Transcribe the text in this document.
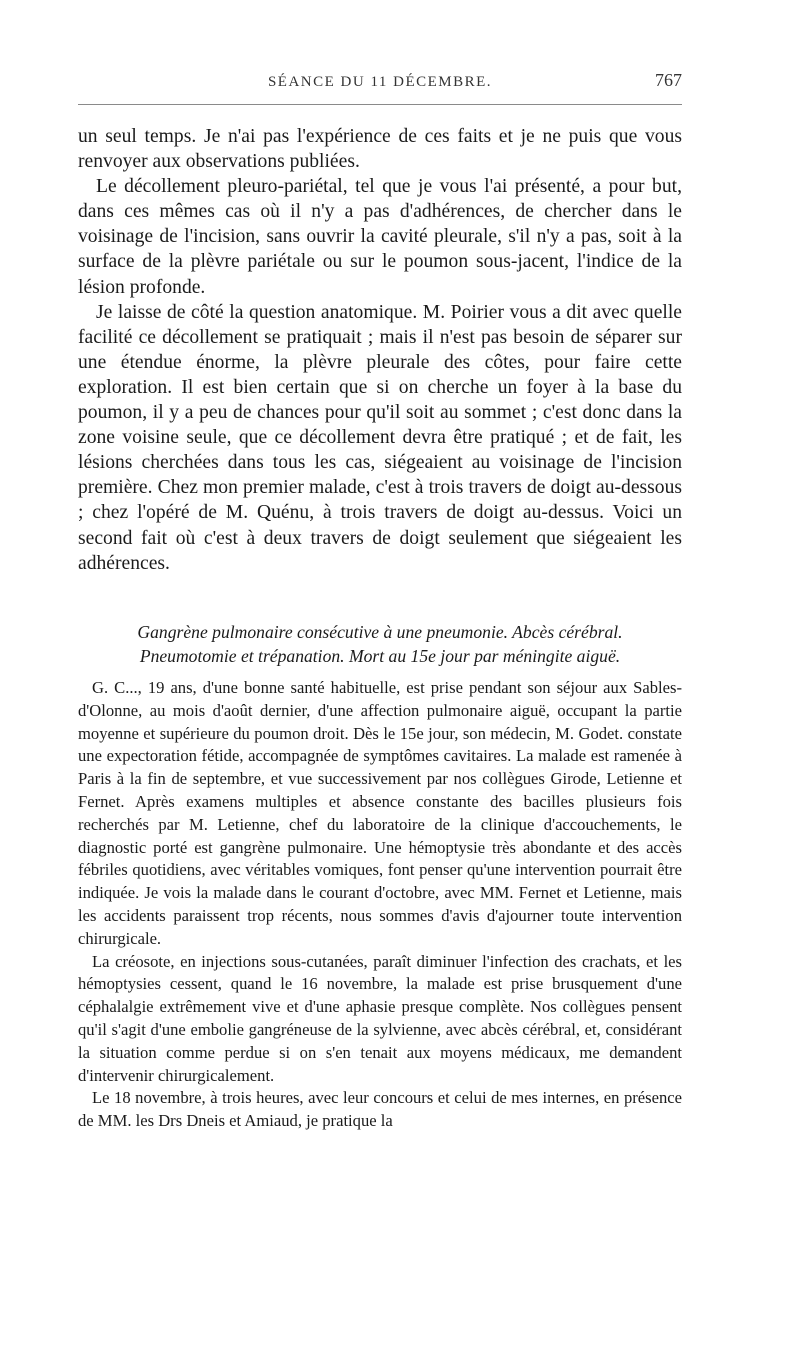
SÉANCE DU 11 DÉCEMBRE.	767

un seul temps. Je n'ai pas l'expérience de ces faits et je ne puis que vous renvoyer aux observations publiées.

Le décollement pleuro-pariétal, tel que je vous l'ai présenté, a pour but, dans ces mêmes cas où il n'y a pas d'adhérences, de chercher dans le voisinage de l'incision, sans ouvrir la cavité pleurale, s'il n'y a pas, soit à la surface de la plèvre pariétale ou sur le poumon sous-jacent, l'indice de la lésion profonde.

Je laisse de côté la question anatomique. M. Poirier vous a dit avec quelle facilité ce décollement se pratiquait ; mais il n'est pas besoin de séparer sur une étendue énorme, la plèvre pleurale des côtes, pour faire cette exploration. Il est bien certain que si on cherche un foyer à la base du poumon, il y a peu de chances pour qu'il soit au sommet ; c'est donc dans la zone voisine seule, que ce décollement devra être pratiqué ; et de fait, les lésions cherchées dans tous les cas, siégeaient au voisinage de l'incision première. Chez mon premier malade, c'est à trois travers de doigt au-dessous ; chez l'opéré de M. Quénu, à trois travers de doigt au-dessus. Voici un second fait où c'est à deux travers de doigt seulement que siégeaient les adhérences.

Gangrène pulmonaire consécutive à une pneumonie. Abcès cérébral.
Pneumotomie et trépanation. Mort au 15e jour par méningite aiguë.

G. C..., 19 ans, d'une bonne santé habituelle, est prise pendant son séjour aux Sables-d'Olonne, au mois d'août dernier, d'une affection pulmonaire aiguë, occupant la partie moyenne et supérieure du poumon droit. Dès le 15e jour, son médecin, M. Godet. constate une expectoration fétide, accompagnée de symptômes cavitaires. La malade est ramenée à Paris à la fin de septembre, et vue successivement par nos collègues Girode, Letienne et Fernet. Après examens multiples et absence constante des bacilles plusieurs fois recherchés par M. Letienne, chef du laboratoire de la clinique d'accouchements, le diagnostic porté est gangrène pulmonaire. Une hémoptysie très abondante et des accès fébriles quotidiens, avec véritables vomiques, font penser qu'une intervention pourrait être indiquée. Je vois la malade dans le courant d'octobre, avec MM. Fernet et Letienne, mais les accidents paraissent trop récents, nous sommes d'avis d'ajourner toute intervention chirurgicale.

La créosote, en injections sous-cutanées, paraît diminuer l'infection des crachats, et les hémoptysies cessent, quand le 16 novembre, la malade est prise brusquement d'une céphalalgie extrêmement vive et d'une aphasie presque complète. Nos collègues pensent qu'il s'agit d'une embolie gangréneuse de la sylvienne, avec abcès cérébral, et, considérant la situation comme perdue si on s'en tenait aux moyens médicaux, me demandent d'intervenir chirurgicalement.

Le 18 novembre, à trois heures, avec leur concours et celui de mes internes, en présence de MM. les Drs Dneis et Amiaud, je pratique la
